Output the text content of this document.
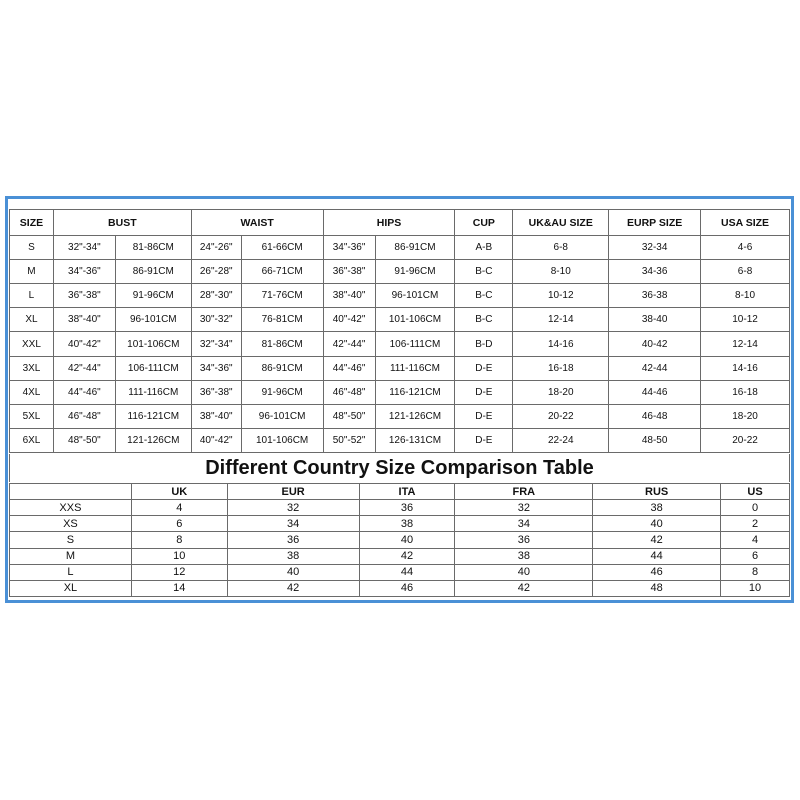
SIZE	BUST		WAIST		HIPS		CUP	UK&AU SIZE	EURP SIZE	USA SIZE
S	32"-34"	81-86CM	24"-26"	61-66CM	34"-36"	86-91CM	A-B	6-8	32-34	4-6
M	34"-36"	86-91CM	26"-28"	66-71CM	36"-38"	91-96CM	B-C	8-10	34-36	6-8
L	36"-38"	91-96CM	28"-30"	71-76CM	38"-40"	96-101CM	B-C	10-12	36-38	8-10
XL	38"-40"	96-101CM	30"-32"	76-81CM	40"-42"	101-106CM	B-C	12-14	38-40	10-12
XXL	40"-42"	101-106CM	32"-34"	81-86CM	42"-44"	106-111CM	B-D	14-16	40-42	12-14
3XL	42"-44"	106-111CM	34"-36"	86-91CM	44"-46"	111-116CM	D-E	16-18	42-44	14-16
4XL	44"-46"	111-116CM	36"-38"	91-96CM	46"-48"	116-121CM	D-E	18-20	44-46	16-18
5XL	46"-48"	116-121CM	38"-40"	96-101CM	48"-50"	121-126CM	D-E	20-22	46-48	18-20
6XL	48"-50"	121-126CM	40"-42"	101-106CM	50"-52"	126-131CM	D-E	22-24	48-50	20-22
Different Country Size Comparison Table
	UK	EUR	ITA	FRA	RUS	US
XXS	4	32	36	32	38	0
XS	6	34	38	34	40	2
S	8	36	40	36	42	4
M	10	38	42	38	44	6
L	12	40	44	40	46	8
XL	14	42	46	42	48	10
